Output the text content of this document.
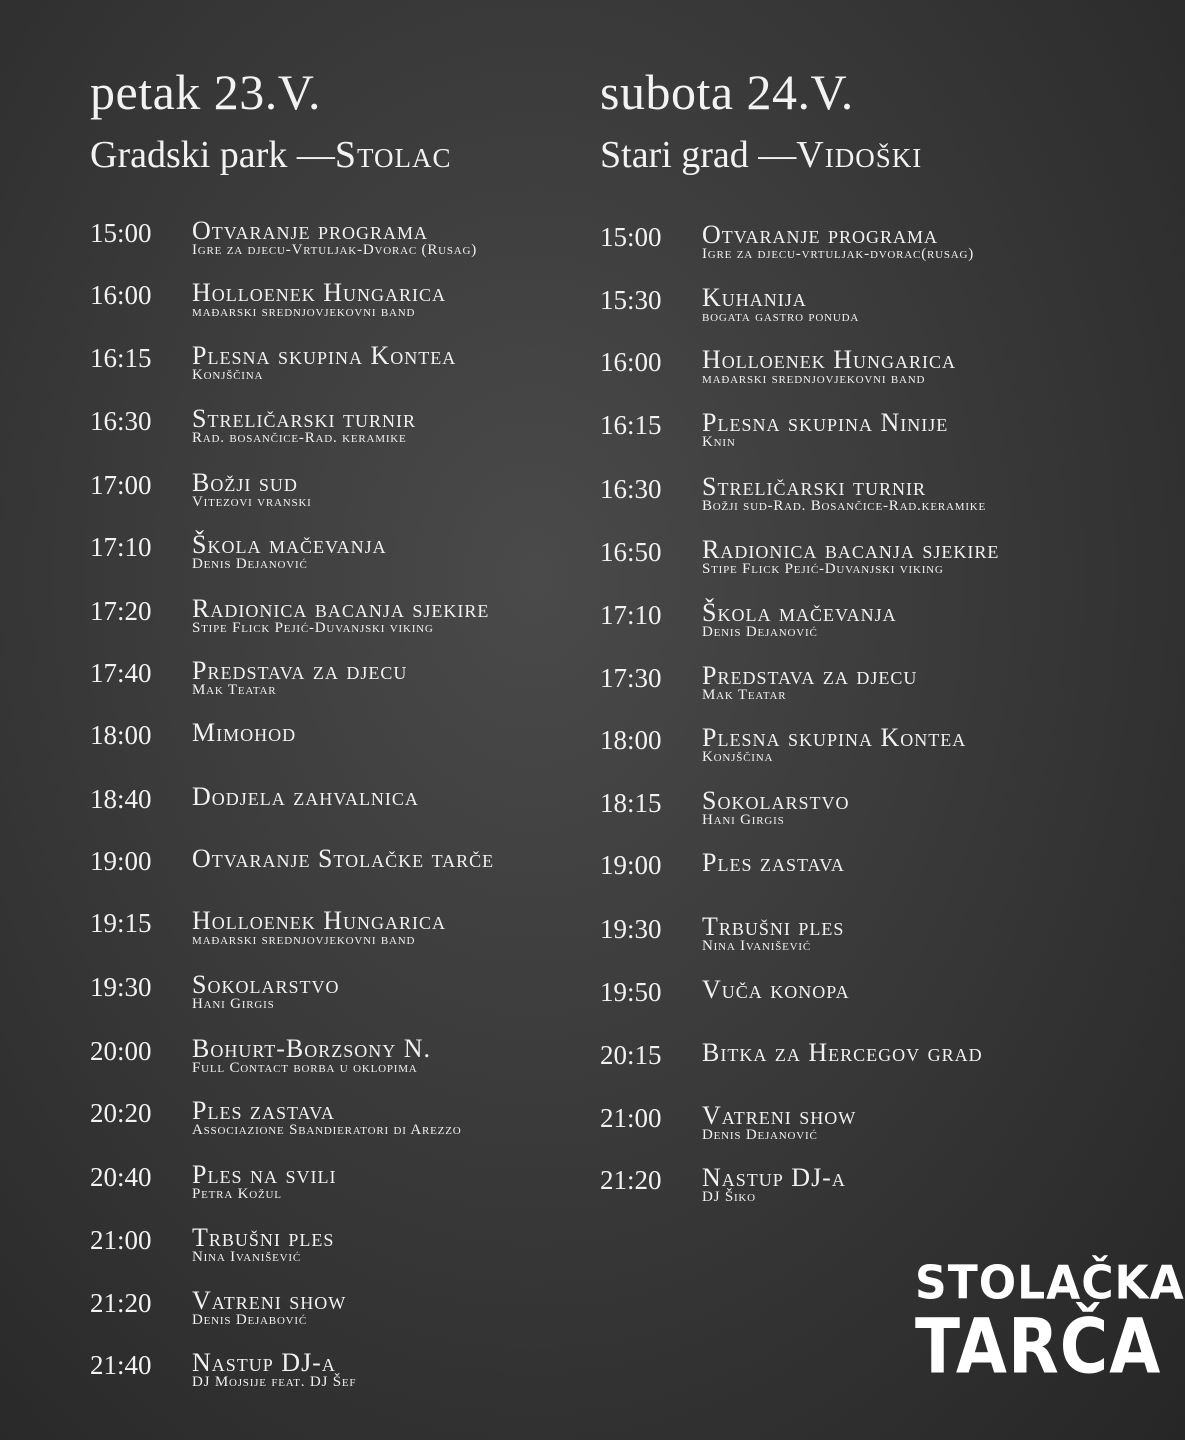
petak 23.V.
Gradski park —Stolac
15:00	Otvaranje programa
Igre za djecu-Vrtuljak-Dvorac (Rusag)
16:00	Holloenek Hungarica
mađarski srednjovjekovni band
16:15	Plesna skupina Kontea
Konjščina
16:30	Streličarski turnir
Rad. bosančice-Rad. keramike
17:00	Božji sud
Vitezovi vranski
17:10	Škola mačevanja
Denis Dejanović
17:20	Radionica bacanja sjekire
Stipe Flick Pejić-Duvanjski viking
17:40	Predstava za djecu
Mak Teatar
18:00	Mimohod
18:40	Dodjela zahvalnica
19:00	Otvaranje Stolačke tarče
19:15	Holloenek Hungarica
mađarski srednjovjekovni band
19:30	Sokolarstvo
Hani Girgis
20:00	Bohurt-Borzsony N.
Full Contact borba u oklopima
20:20	Ples zastava
Associazione Sbandieratori di Arezzo
20:40	Ples na svili
Petra Kožul
21:00	Trbušni ples
Nina Ivanišević
21:20	Vatreni show
Denis Dejabović
21:40	Nastup DJ-a
DJ Mojsije feat. DJ Šef
subota 24.V.
Stari grad —Vidoški
15:00	Otvaranje programa
Igre za djecu-vrtuljak-dvorac(rusag)
15:30	Kuhanija
bogata gastro ponuda
16:00	Holloenek Hungarica
mađarski srednjovjekovni band
16:15	Plesna skupina Ninije
Knin
16:30	Streličarski turnir
Božji sud-Rad. Bosančice-Rad.keramike
16:50	Radionica bacanja sjekire
Stipe Flick Pejić-Duvanjski viking
17:10	Škola mačevanja
Denis Dejanović
17:30	Predstava za djecu
Mak Teatar
18:00	Plesna skupina Kontea
Konjščina
18:15	Sokolarstvo
Hani Girgis
19:00	Ples zastava
19:30	Trbušni ples
Nina Ivanišević
19:50	Vuča konopa
20:15	Bitka za Hercegov grad
21:00	Vatreni show
Denis Dejanović
21:20	Nastup DJ-a
DJ Šiko
STOLAČKA
TARČA
